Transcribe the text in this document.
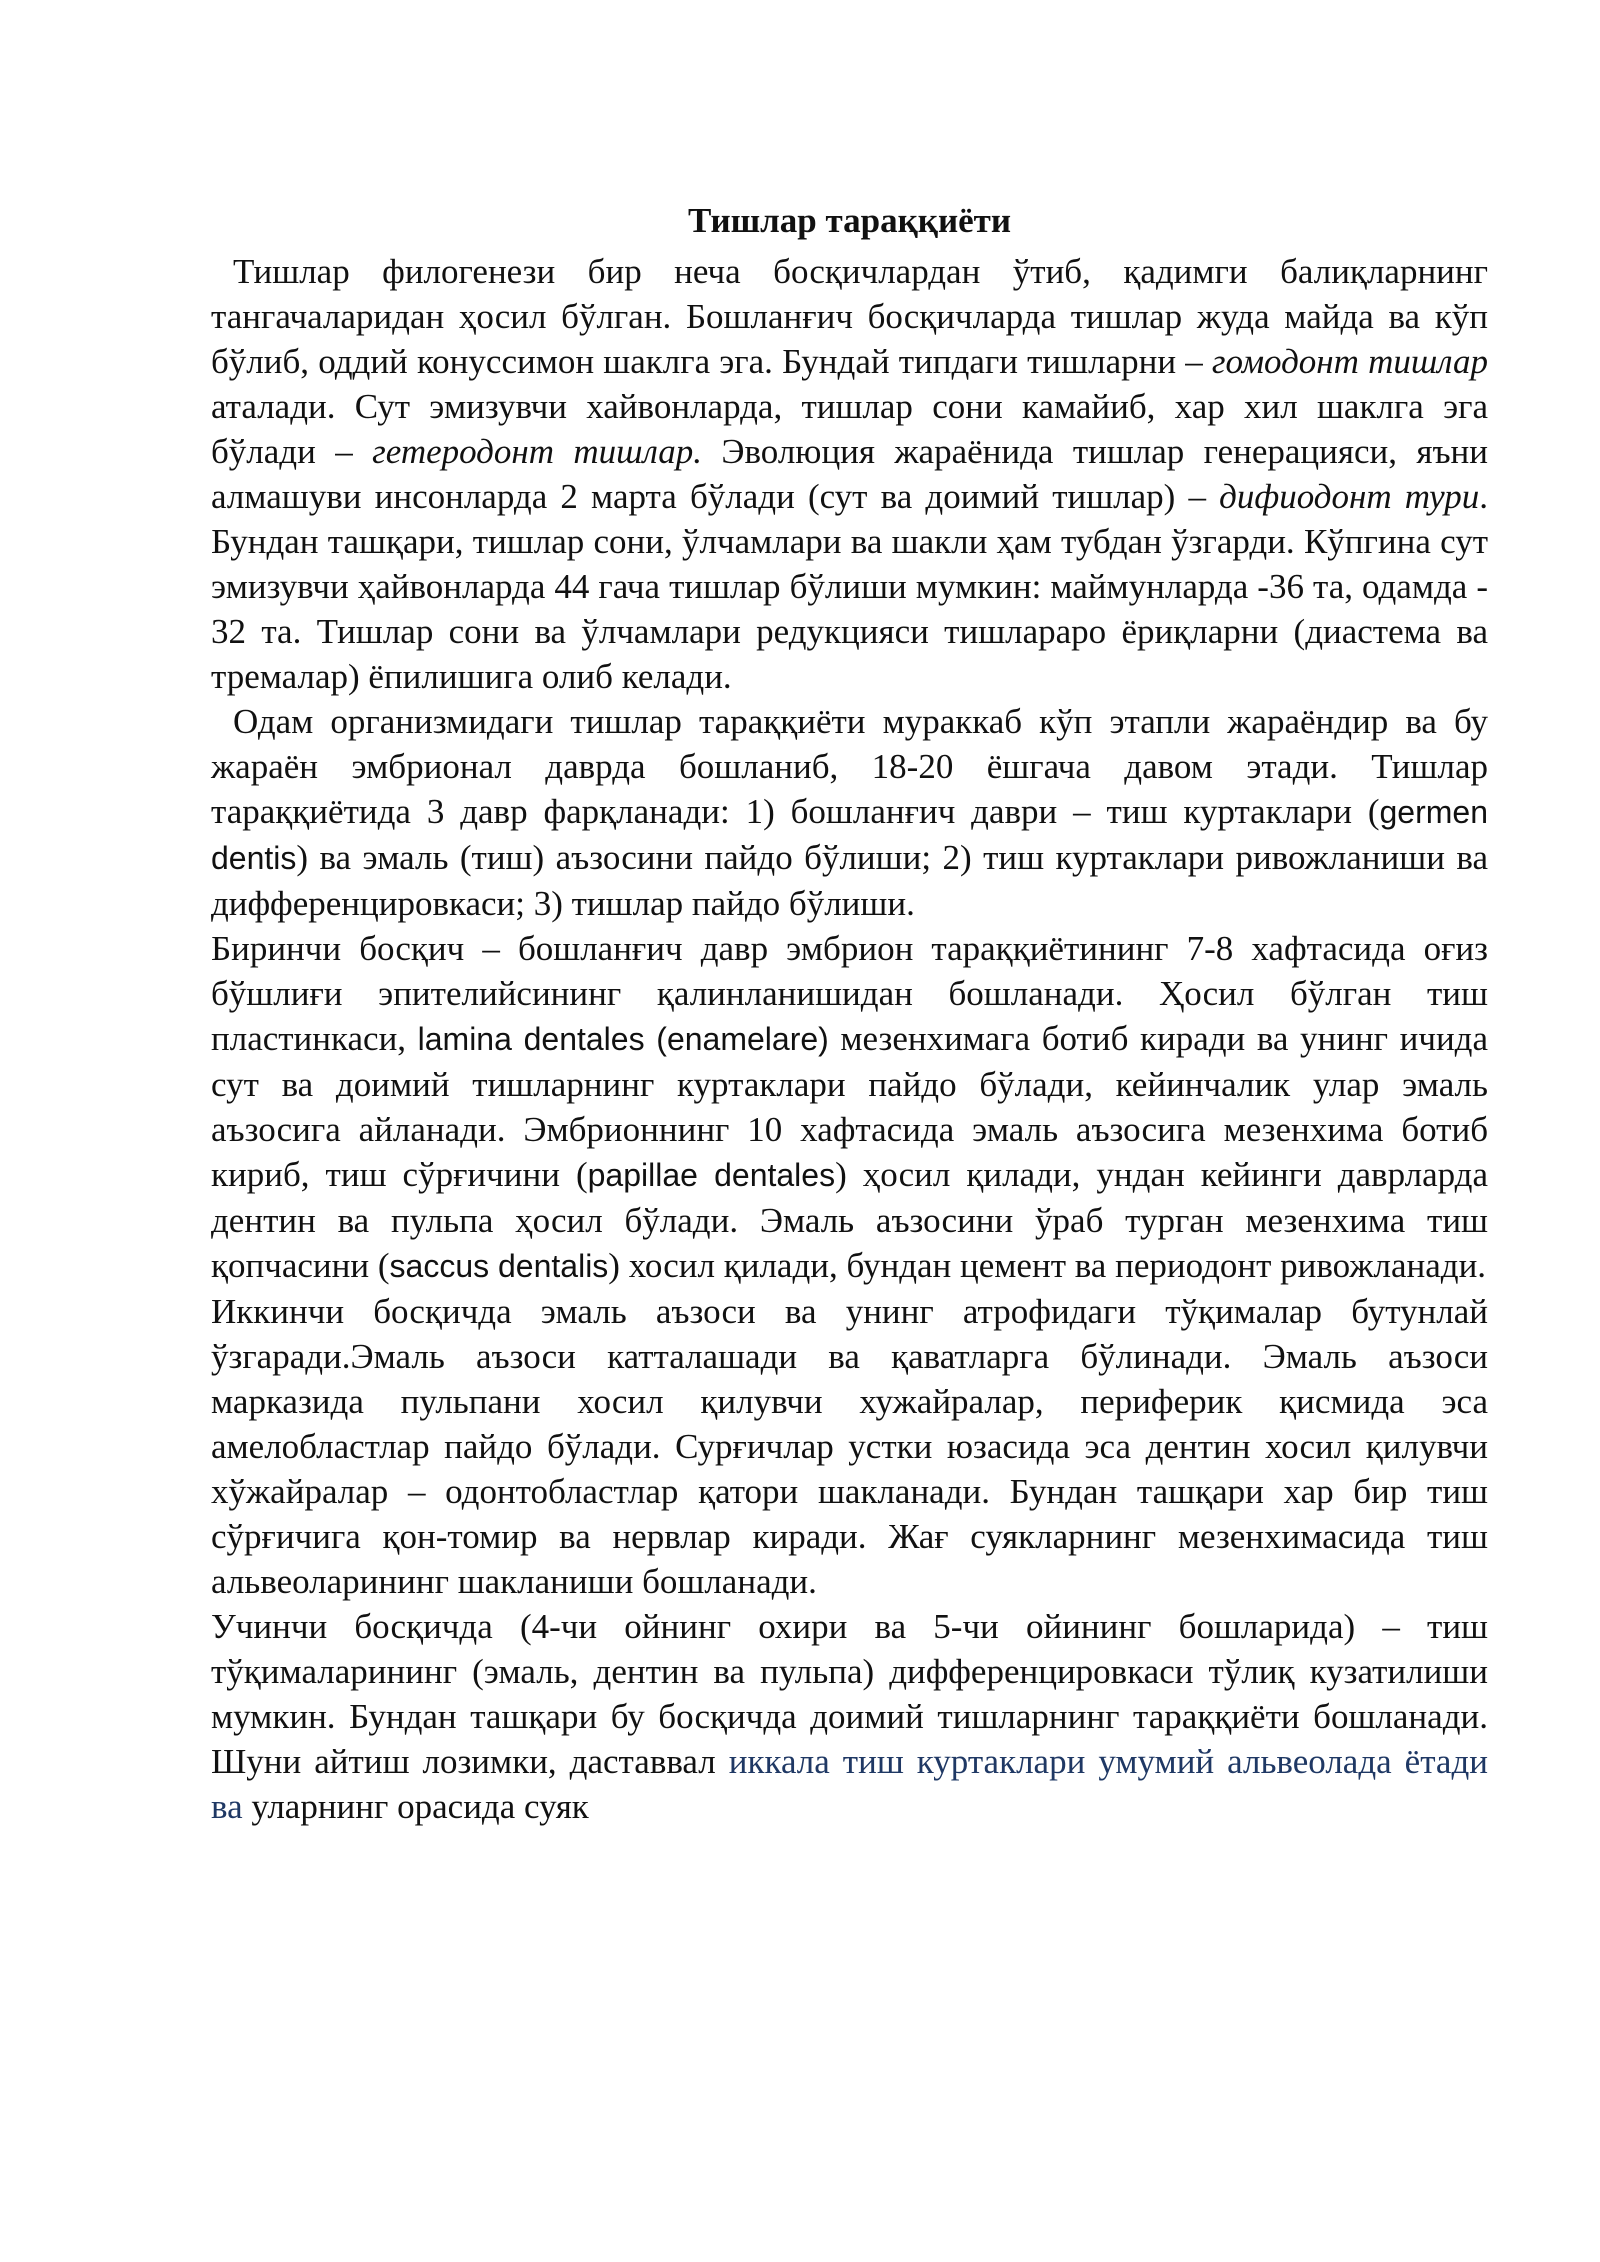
Тишлар тараққиёти

Тишлар филогенези бир неча босқичлардан ўтиб, қадимги балиқларнинг тангачаларидан ҳосил бўлган. Бошланғич босқичларда тишлар жуда майда ва кўп бўлиб, оддий конуссимон шаклга эга. Бундай типдаги тишларни – гомодонт тишлар аталади. Сут эмизувчи хайвонларда, тишлар сони камайиб, хар хил шаклга эга бўлади – гетеродонт тишлар. Эволюция жараёнида тишлар генерацияси, яъни алмашуви инсонларда 2 марта бўлади (сут ва доимий тишлар) – дифиодонт тури. Бундан ташқари, тишлар сони, ўлчамлари ва шакли ҳам тубдан ўзгарди. Кўпгина сут эмизувчи ҳайвонларда 44 гача тишлар бўлиши мумкин: маймунларда -36 та, одамда - 32 та. Тишлар сони ва ўлчамлари редукцияси тишлараро ёриқларни (диастема ва тремалар) ёпилишига олиб келади.

Одам организмидаги тишлар тараққиёти мураккаб кўп этапли жараёндир ва бу жараён эмбрионал даврда бошланиб, 18-20 ёшгача давом этади. Тишлар тараққиётида 3 давр фарқланади: 1) бошланғич даври – тиш куртаклари (germen dentis) ва эмаль (тиш) аъзосини пайдо бўлиши; 2) тиш куртаклари ривожланиши ва дифференцировкаси; 3) тишлар пайдо бўлиши.

Биринчи босқич – бошланғич давр эмбрион тараққиётининг 7-8 хафтасида оғиз бўшлиғи эпителийсининг қалинланишидан бошланади. Ҳосил бўлган тиш пластинкаси, lamina dentales (enamelare) мезенхимага ботиб киради ва унинг ичида сут ва доимий тишларнинг куртаклари пайдо бўлади, кейинчалик улар эмаль аъзосига айланади. Эмбрионнинг 10 хафтасида эмаль аъзосига мезенхима ботиб кириб, тиш сўрғичини (papillae dentales) ҳосил қилади, ундан кейинги даврларда дентин ва пульпа ҳосил бўлади. Эмаль аъзосини ўраб турган мезенхима тиш қопчасини (saccus dentalis) хосил қилади, бундан цемент ва периодонт ривожланади.

Иккинчи босқичда эмаль аъзоси ва унинг атрофидаги тўқималар бутунлай ўзгаради.Эмаль аъзоси катталашади ва қаватларга бўлинади. Эмаль аъзоси марказида пульпани хосил қилувчи хужайралар, периферик қисмида эса амелобластлар пайдо бўлади. Сурғичлар устки юзасида эса дентин хосил қилувчи хўжайралар – одонтобластлар қатори шакланади. Бундан ташқари хар бир тиш сўрғичига қон-томир ва нервлар киради. Жағ суякларнинг мезенхимасида тиш альвеоларининг шакланиши бошланади.

Учинчи босқичда (4-чи ойнинг охири ва 5-чи ойининг бошларида) – тиш тўқималарининг (эмаль, дентин ва пульпа) дифференцировкаси тўлиқ кузатилиши мумкин. Бундан ташқари бу босқичда доимий тишларнинг тараққиёти бошланади. Шуни айтиш лозимки, даставвал иккала тиш куртаклари умумий альвеолада ётади ва уларнинг орасида суяк
